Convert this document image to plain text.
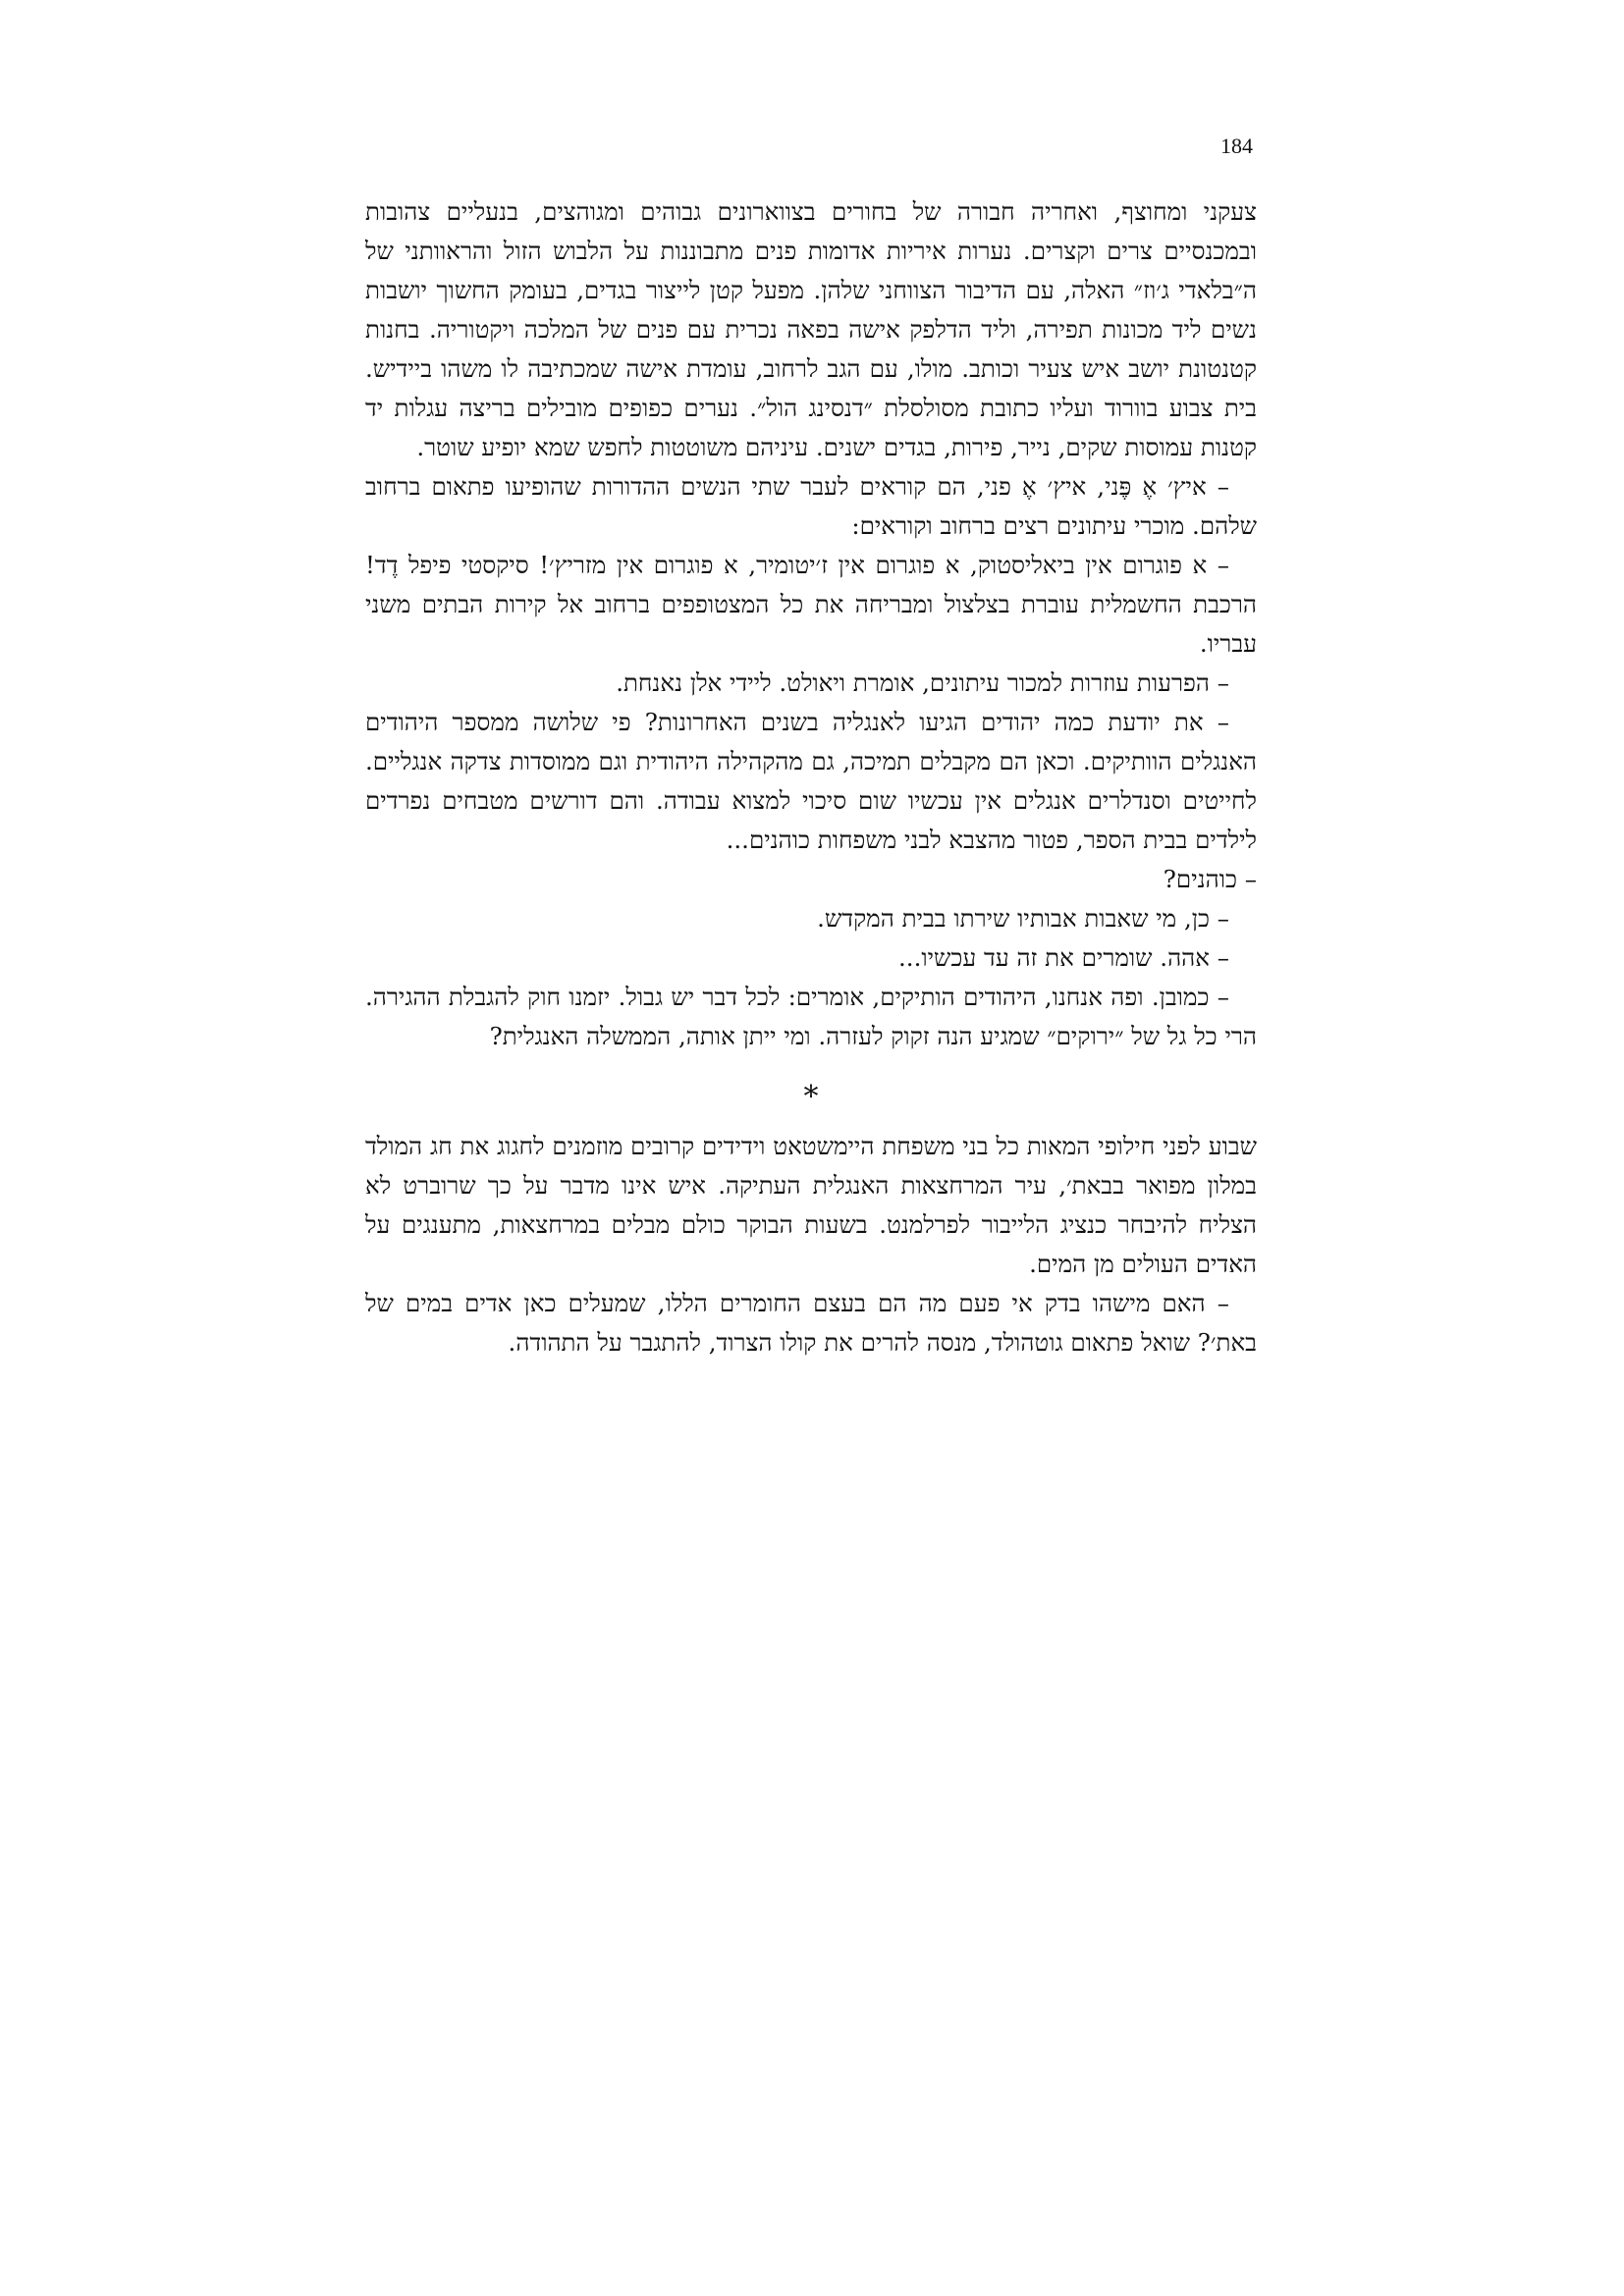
184

צעקני ומחוצף, ואחריה חבורה של בחורים בצווארונים גבוהים ומגוהצים, בנעליים צהובות ובמכנסיים צרים וקצרים. נערות איריות אדומות פנים מתבוננות על הלבוש הזול והראוותני של ה״בלאדי ג׳וז״ האלה, עם הדיבור הצווחני שלהן. מפעל קטן לייצור בגדים, בעומק החשוך יושבות נשים ליד מכונות תפירה, וליד הדלפק אישה בפאה נכרית עם פנים של המלכה ויקטוריה. בחנות קטנטונת יושב איש צעיר וכותב. מולו, עם הגב לרחוב, עומדת אישה שמכתיבה לו משהו ביידיש. בית צבוע בוורוד ועליו כתובת מסולסלת ״דנסינג הול״. נערים כפופים מובילים בריצה עגלות יד קטנות עמוסות שקים, נייר, פירות, בגדים ישנים. עיניהם משוטטות לחפש שמא יופיע שוטר.

– איץ׳ אֶ פֶּני, איץ׳ אֶ פני, הם קוראים לעבר שתי הנשים ההדורות שהופיעו פתאום ברחוב שלהם. מוכרי עיתונים רצים ברחוב וקוראים:

– א פוגרום אין ביאליסטוק, א פוגרום אין ז׳יטומיר, א פוגרום אין מזריץ׳! סיקסטי פיפל דֶד! הרכבת החשמלית עוברת בצלצול ומבריחה את כל המצטופפים ברחוב אל קירות הבתים משני עבריו.

– הפרעות עוזרות למכור עיתונים, אומרת ויאולט. ליידי אלן נאנחת.

– את יודעת כמה יהודים הגיעו לאנגליה בשנים האחרונות? פי שלושה ממספר היהודים האנגלים הוותיקים. וכאן הם מקבלים תמיכה, גם מהקהילה היהודית וגם ממוסדות צדקה אנגליים. לחייטים וסנדלרים אנגלים אין עכשיו שום סיכוי למצוא עבודה. והם דורשים מטבחים נפרדים לילדים בבית הספר, פטור מהצבא לבני משפחות כוהנים...

– כוהנים?

– כן, מי שאבות אבותיו שירתו בבית המקדש.

– אהה. שומרים את זה עד עכשיו...

– כמובן. ופה אנחנו, היהודים הותיקים, אומרים: לכל דבר יש גבול. יזמנו חוק להגבלת ההגירה. הרי כל גל של ״ירוקים״ שמגיע הנה זקוק לעזרה. ומי ייתן אותה, הממשלה האנגלית?

*

שבוע לפני חילופי המאות כל בני משפחת היימשטאט וידידים קרובים מוזמנים לחגוג את חג המולד במלון מפואר בבאת׳, עיר המרחצאות האנגלית העתיקה. איש אינו מדבר על כך שרוברט לא הצליח להיבחר כנציג הלייבור לפרלמנט. בשעות הבוקר כולם מבלים במרחצאות, מתענגים על האדים העולים מן המים.

– האם מישהו בדק אי פעם מה הם בעצם החומרים הללו, שמעלים כאן אדים במים של באת׳? שואל פתאום גוטהולד, מנסה להרים את קולו הצרוד, להתגבר על התהודה.
